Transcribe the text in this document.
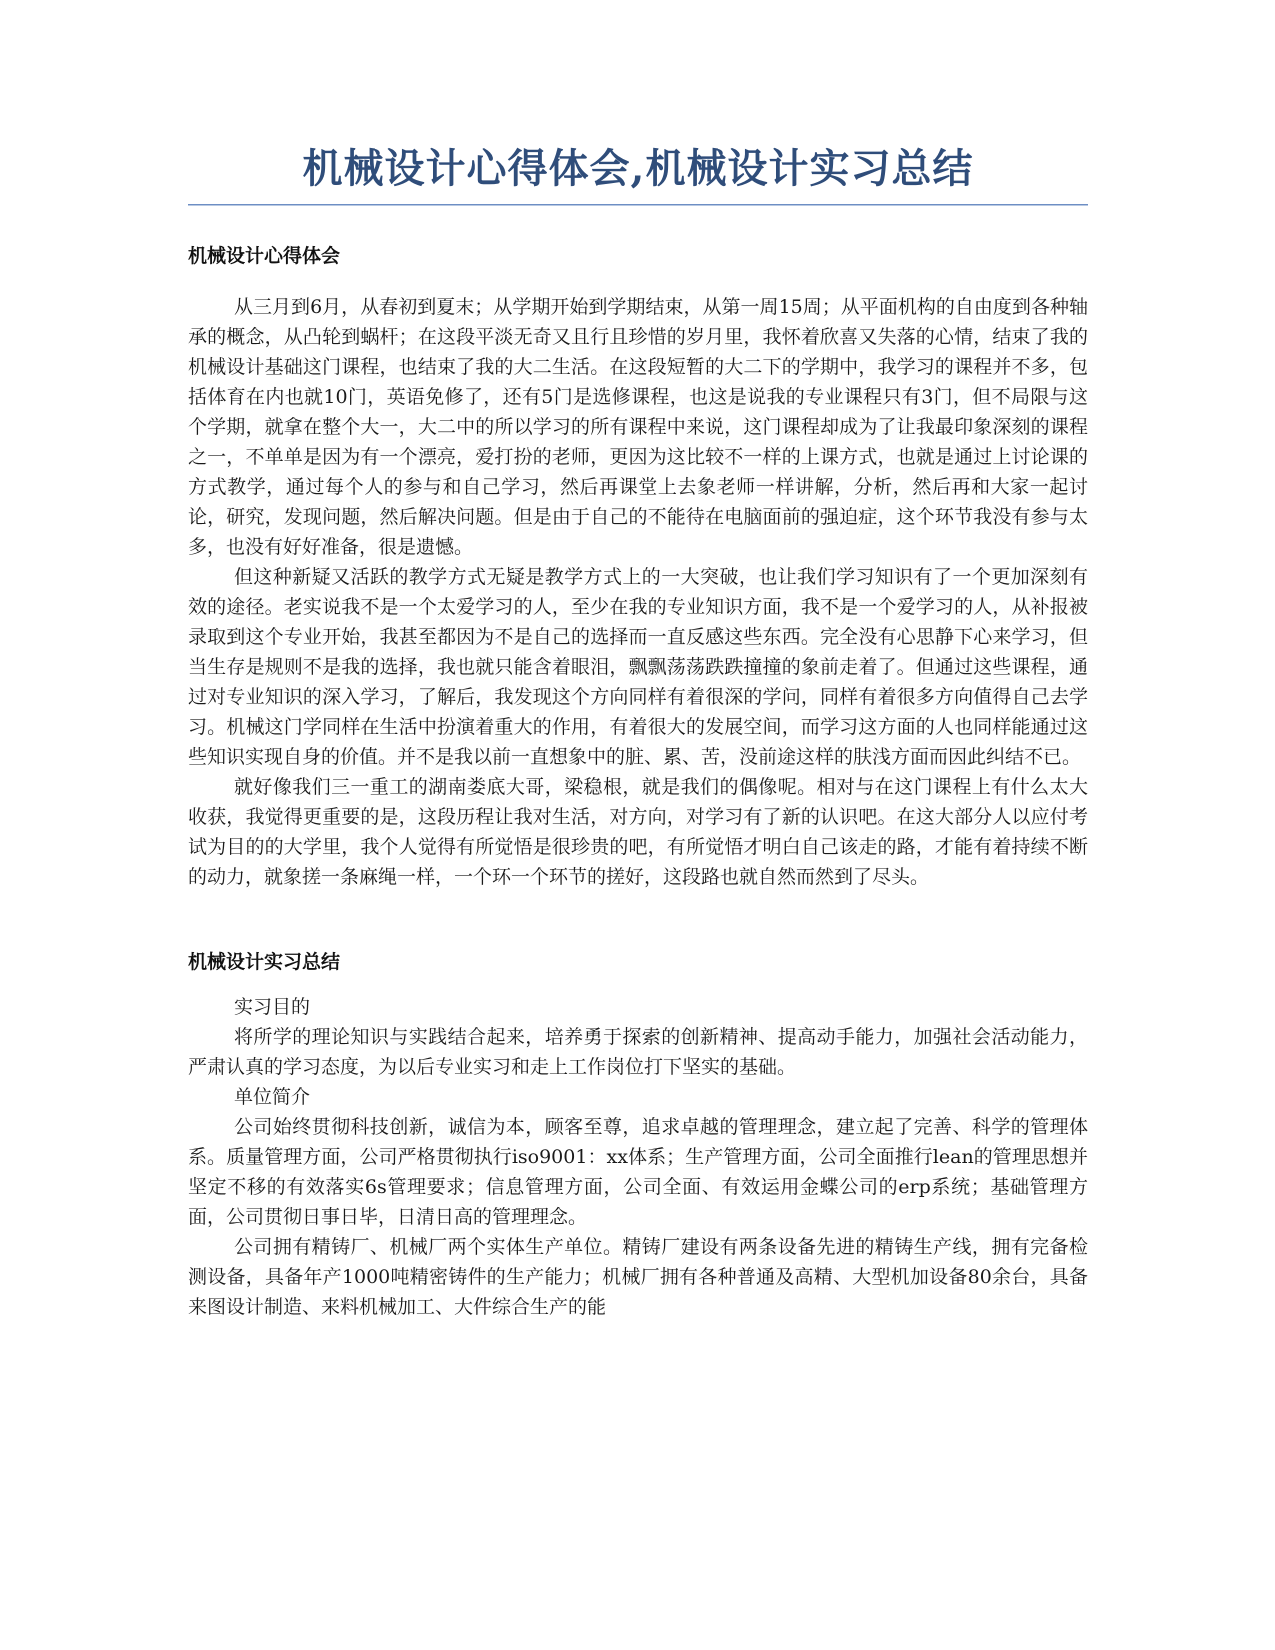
机械设计心得体会,机械设计实习总结
机械设计心得体会

从三月到6月，从春初到夏末；从学期开始到学期结束，从第一周15周；从平面机构的自由度到各种轴承的概念，从凸轮到蜗杆；在这段平淡无奇又且行且珍惜的岁月里，我怀着欣喜又失落的心情，结束了我的机械设计基础这门课程，也结束了我的大二生活。在这段短暂的大二下的学期中，我学习的课程并不多，包括体育在内也就10门，英语免修了，还有5门是选修课程，也这是说我的专业课程只有3门，但不局限与这个学期，就拿在整个大一，大二中的所以学习的所有课程中来说，这门课程却成为了让我最印象深刻的课程之一，不单单是因为有一个漂亮，爱打扮的老师，更因为这比较不一样的上课方式，也就是通过上讨论课的方式教学，通过每个人的参与和自己学习，然后再课堂上去象老师一样讲解，分析，然后再和大家一起讨论，研究，发现问题，然后解决问题。但是由于自己的不能待在电脑面前的强迫症，这个环节我没有参与太多，也没有好好准备，很是遗憾。

但这种新疑又活跃的教学方式无疑是教学方式上的一大突破，也让我们学习知识有了一个更加深刻有效的途径。老实说我不是一个太爱学习的人，至少在我的专业知识方面，我不是一个爱学习的人，从补报被录取到这个专业开始，我甚至都因为不是自己的选择而一直反感这些东西。完全没有心思静下心来学习，但当生存是规则不是我的选择，我也就只能含着眼泪，飘飘荡荡跌跌撞撞的象前走着了。但通过这些课程，通过对专业知识的深入学习，了解后，我发现这个方向同样有着很深的学问，同样有着很多方向值得自己去学习。机械这门学同样在生活中扮演着重大的作用，有着很大的发展空间，而学习这方面的人也同样能通过这些知识实现自身的价值。并不是我以前一直想象中的脏、累、苦，没前途这样的肤浅方面而因此纠结不已。

就好像我们三一重工的湖南娄底大哥，梁稳根，就是我们的偶像呢。相对与在这门课程上有什么太大收获，我觉得更重要的是，这段历程让我对生活，对方向，对学习有了新的认识吧。在这大部分人以应付考试为目的的大学里，我个人觉得有所觉悟是很珍贵的吧，有所觉悟才明白自己该走的路，才能有着持续不断的动力，就象搓一条麻绳一样，一个环一个环节的搓好，这段路也就自然而然到了尽头。

机械设计实习总结

实习目的

将所学的理论知识与实践结合起来，培养勇于探索的创新精神、提高动手能力，加强社会活动能力，严肃认真的学习态度，为以后专业实习和走上工作岗位打下坚实的基础。

单位简介

公司始终贯彻科技创新，诚信为本，顾客至尊，追求卓越的管理理念，建立起了完善、科学的管理体系。质量管理方面，公司严格贯彻执行iso9001：xx体系；生产管理方面，公司全面推行lean的管理思想并坚定不移的有效落实6s管理要求；信息管理方面，公司全面、有效运用金蝶公司的erp系统；基础管理方面，公司贯彻日事日毕，日清日高的管理理念。

公司拥有精铸厂、机械厂两个实体生产单位。精铸厂建设有两条设备先进的精铸生产线，拥有完备检测设备，具备年产1000吨精密铸件的生产能力；机械厂拥有各种普通及高精、大型机加设备80余台，具备来图设计制造、来料机械加工、大件综合生产的能
